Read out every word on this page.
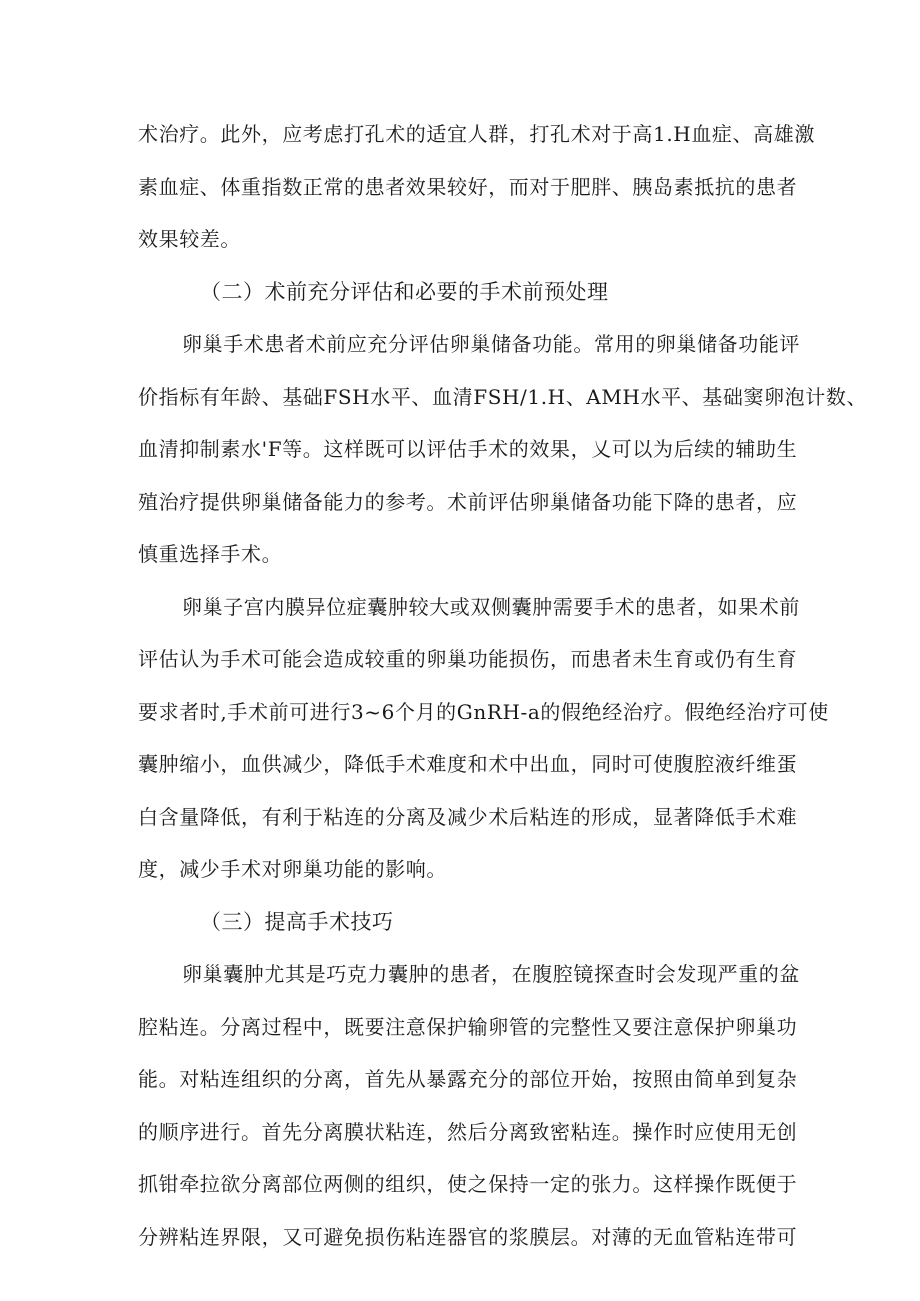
术治疗。此外，应考虑打孔术的适宜人群，打孔术对于高1.H血症、高雄激
素血症、体重指数正常的患者效果较好，而对于肥胖、胰岛素抵抗的患者
效果较差。
（二）术前充分评估和必要的手术前预处理
卵巢手术患者术前应充分评估卵巢储备功能。常用的卵巢储备功能评
价指标有年龄、基础FSH水平、血清FSH/1.H、AMH水平、基础窦卵泡计数、
血清抑制素水'F等。这样既可以评估手术的效果，乂可以为后续的辅助生
殖治疗提供卵巢储备能力的参考。术前评估卵巢储备功能下降的患者，应
慎重选择手术。
卵巢子宫内膜异位症囊肿较大或双侧囊肿需要手术的患者，如果术前
评估认为手术可能会造成较重的卵巢功能损伤，而患者未生育或仍有生育
要求者时,手术前可进行3~6个月的GnRH-a的假绝经治疗。假绝经治疗可使
囊肿缩小，血供减少，降低手术难度和术中出血，同时可使腹腔液纤维蛋
白含量降低，有利于粘连的分离及减少术后粘连的形成，显著降低手术难
度，减少手术对卵巢功能的影响。
（三）提高手术技巧
卵巢囊肿尤其是巧克力囊肿的患者，在腹腔镜探查时会发现严重的盆
腔粘连。分离过程中，既要注意保护输卵管的完整性又要注意保护卵巢功
能。对粘连组织的分离，首先从暴露充分的部位开始，按照由简单到复杂
的顺序进行。首先分离膜状粘连，然后分离致密粘连。操作时应使用无创
抓钳牵拉欲分离部位两侧的组织，使之保持一定的张力。这样操作既便于
分辨粘连界限，又可避免损伤粘连器官的浆膜层。对薄的无血管粘连带可
